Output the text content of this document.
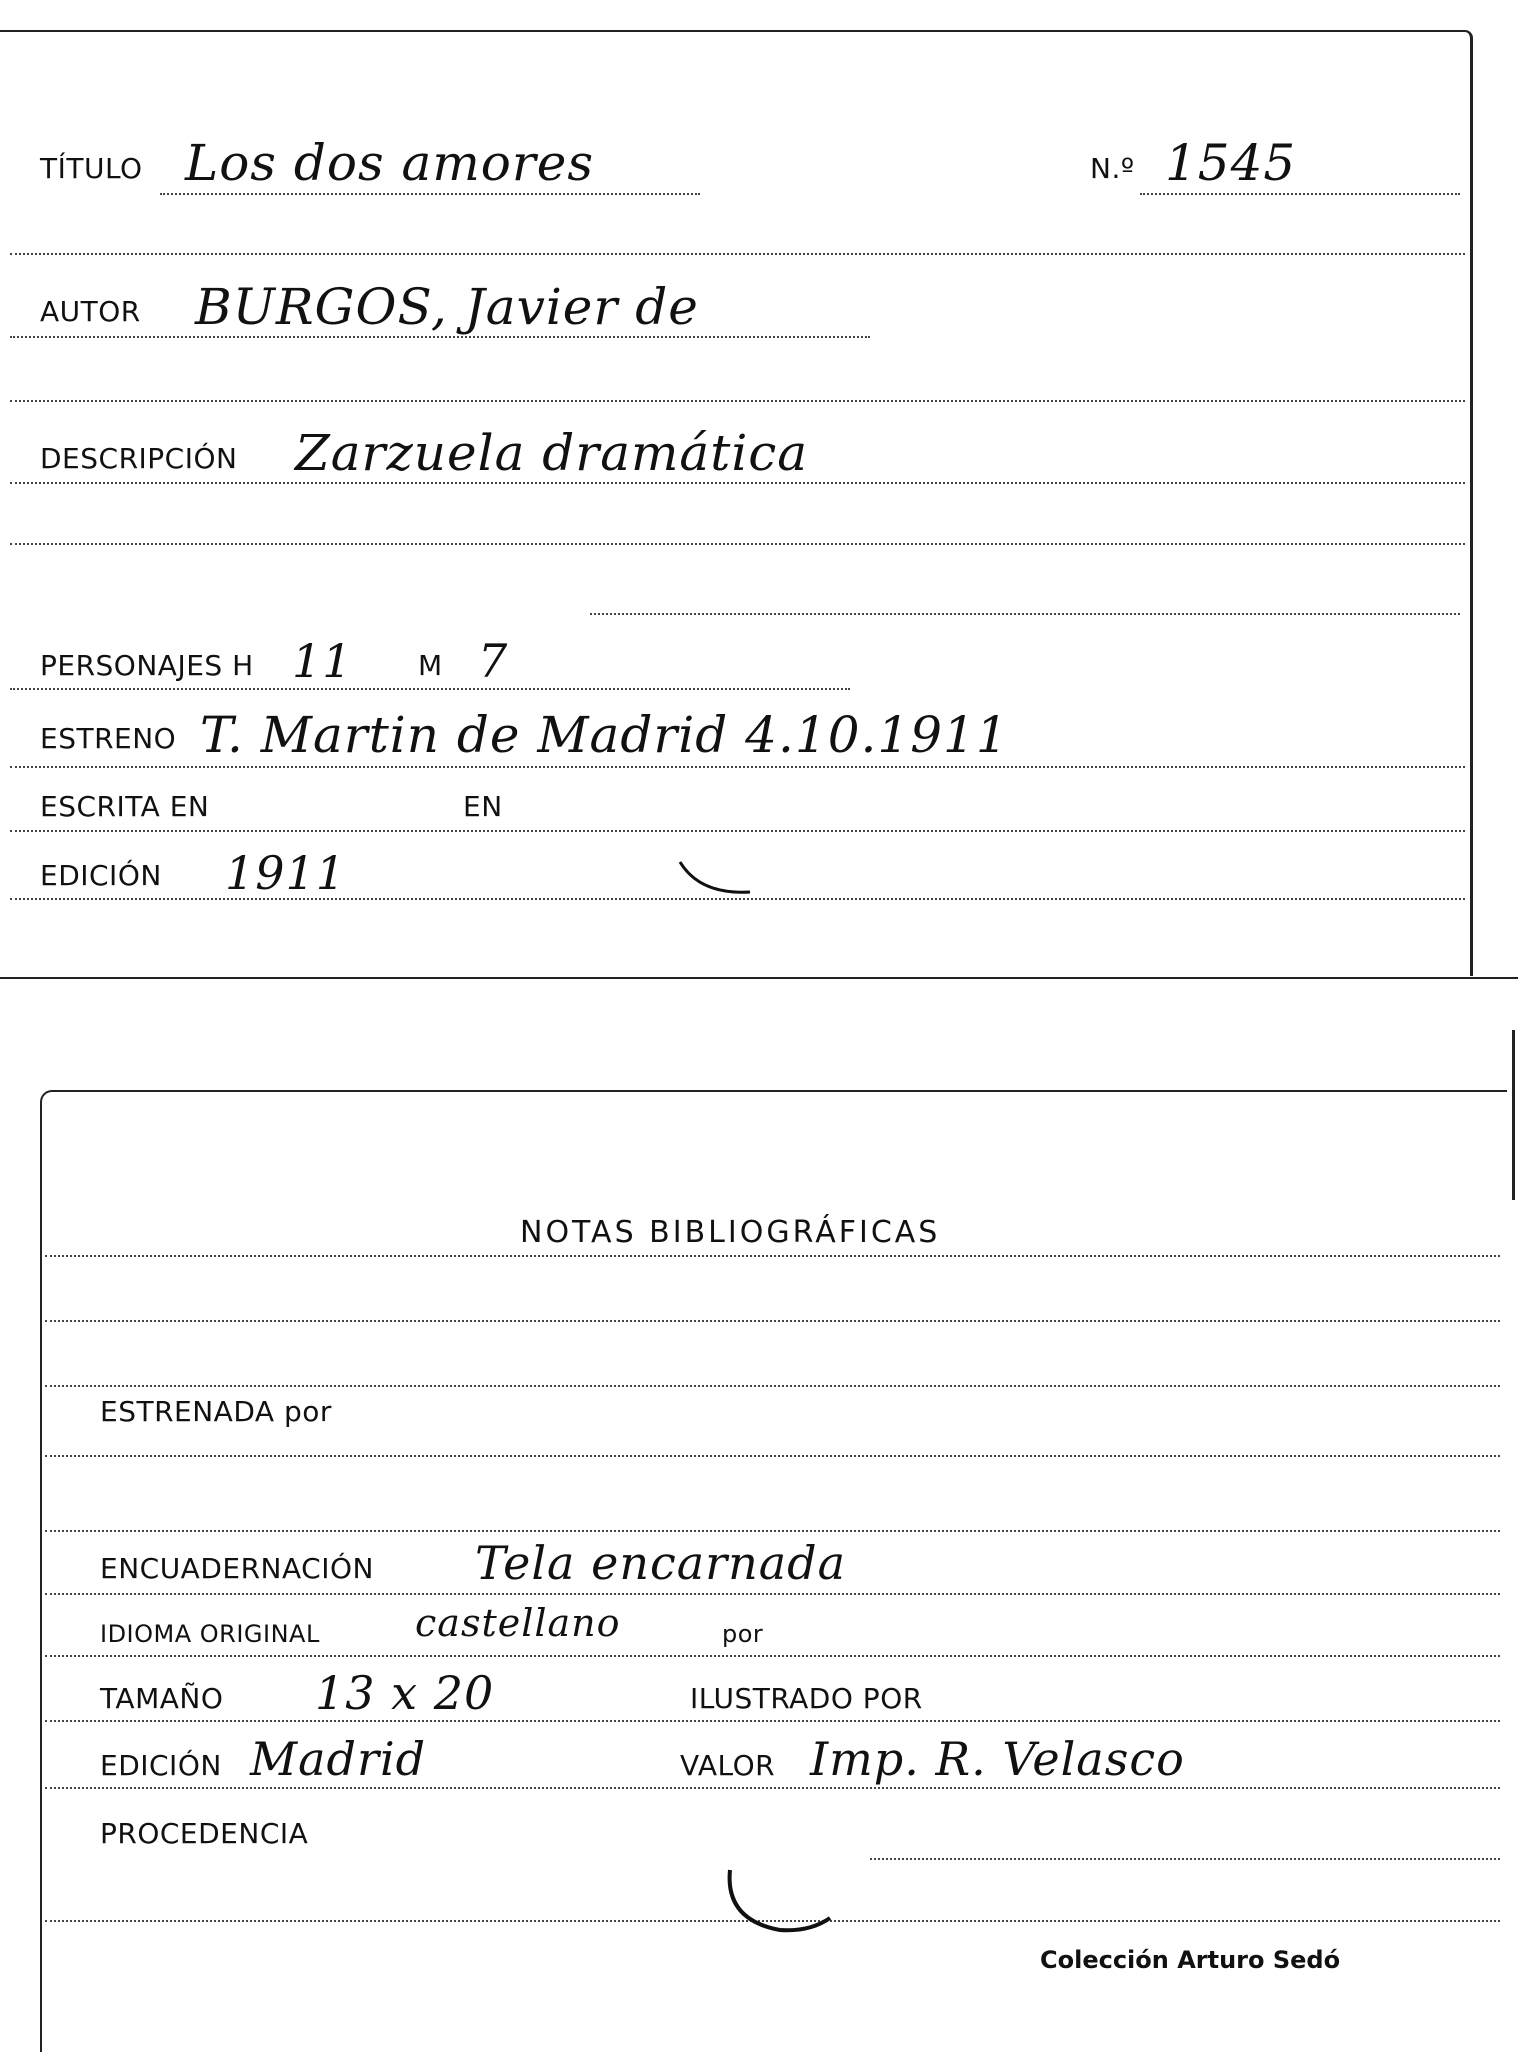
TÍTULO Los dos amores	N.º 1545
AUTOR BURGOS, Javier de
DESCRIPCIÓN Zarzuela dramática
PERSONAJES H 11 M 7
ESTRENO T. Martin de Madrid 4.10.1911
ESCRITA EN	EN
EDICIÓN 1911
NOTAS BIBLIOGRÁFICAS
ESTRENADA por
ENCUADERNACIÓN Tela encarnada
IDIOMA ORIGINAL	castellano	por
TAMAÑO 13 x 20	ILUSTRADO POR
EDICIÓN Madrid	VALOR Imp. R. Velasco
PROCEDENCIA
Colección Arturo Sedó
